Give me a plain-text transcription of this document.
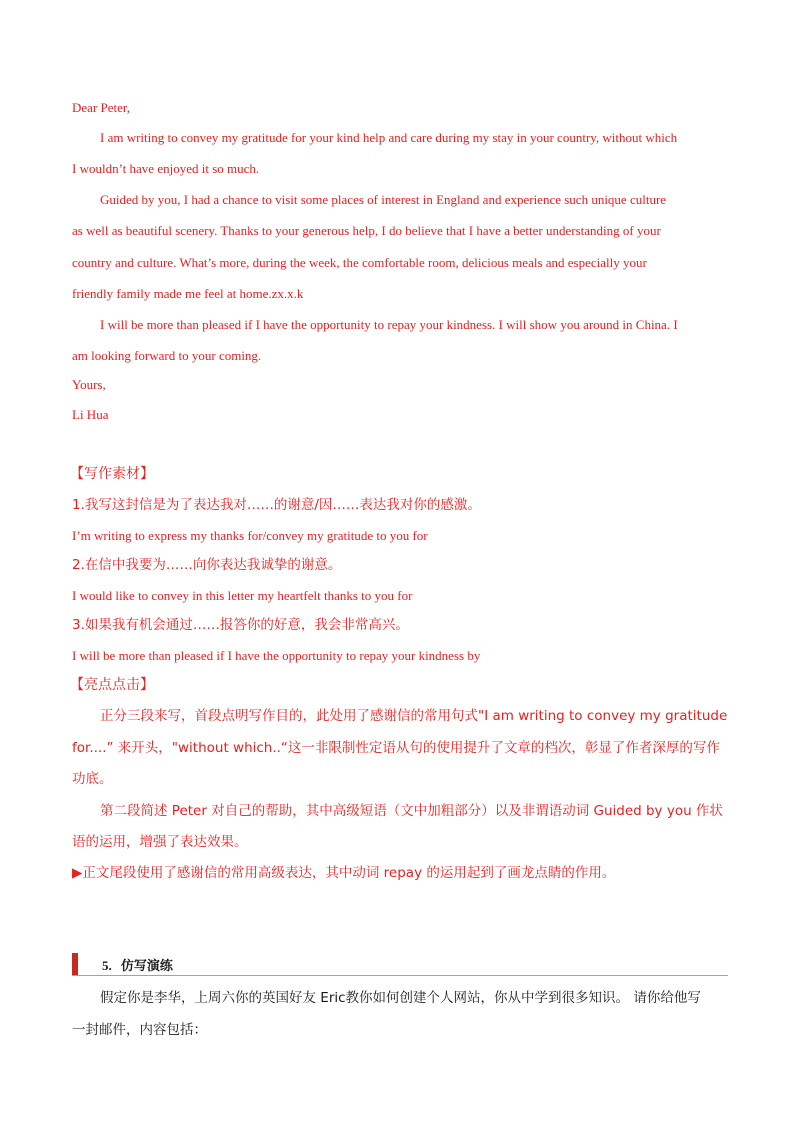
Dear Peter,

I am writing to convey my gratitude for your kind help and care during my stay in your country, without which

I wouldn’t have enjoyed it so much.

Guided by you, I had a chance to visit some places of interest in England and experience such unique culture

as well as beautiful scenery. Thanks to your generous help, I do believe that I have a better understanding of your

country and culture. What’s more, during the week, the comfortable room, delicious meals and especially your

friendly family made me feel at home.zx.x.k

I will be more than pleased if I have the opportunity to repay your kindness. I will show you around in China. I

am looking forward to your coming.

Yours,

Li Hua

【写作素材】

1.我写这封信是为了表达我对……的谢意/因……表达我对你的感激。

I’m writing to express my thanks for/convey my gratitude to you for

2.在信中我要为……向你表达我诚挚的谢意。

I would like to convey in this letter my heartfelt thanks to you for

3.如果我有机会通过……报答你的好意，我会非常高兴。

I will be more than pleased if I have the opportunity to repay your kindness by

【亮点点击】

正分三段来写，首段点明写作目的，此处用了感谢信的常用句式"I am writing to convey my gratitude

for....” 来开头，"without which..“这一非限制性定语从句的使用提升了文章的档次，彰显了作者深厚的写作

功底。

第二段简述 Peter 对自己的帮助，其中高级短语（文中加粗部分）以及非谓语动词 Guided by you 作状

语的运用，增强了表达效果。

▶正文尾段使用了感谢信的常用高级表达，其中动词 repay 的运用起到了画龙点睛的作用。

5. 仿写演练

假定你是李华，上周六你的英国好友 Eric教你如何创建个人网站，你从中学到很多知识。 请你给他写

一封邮件，内容包括：
